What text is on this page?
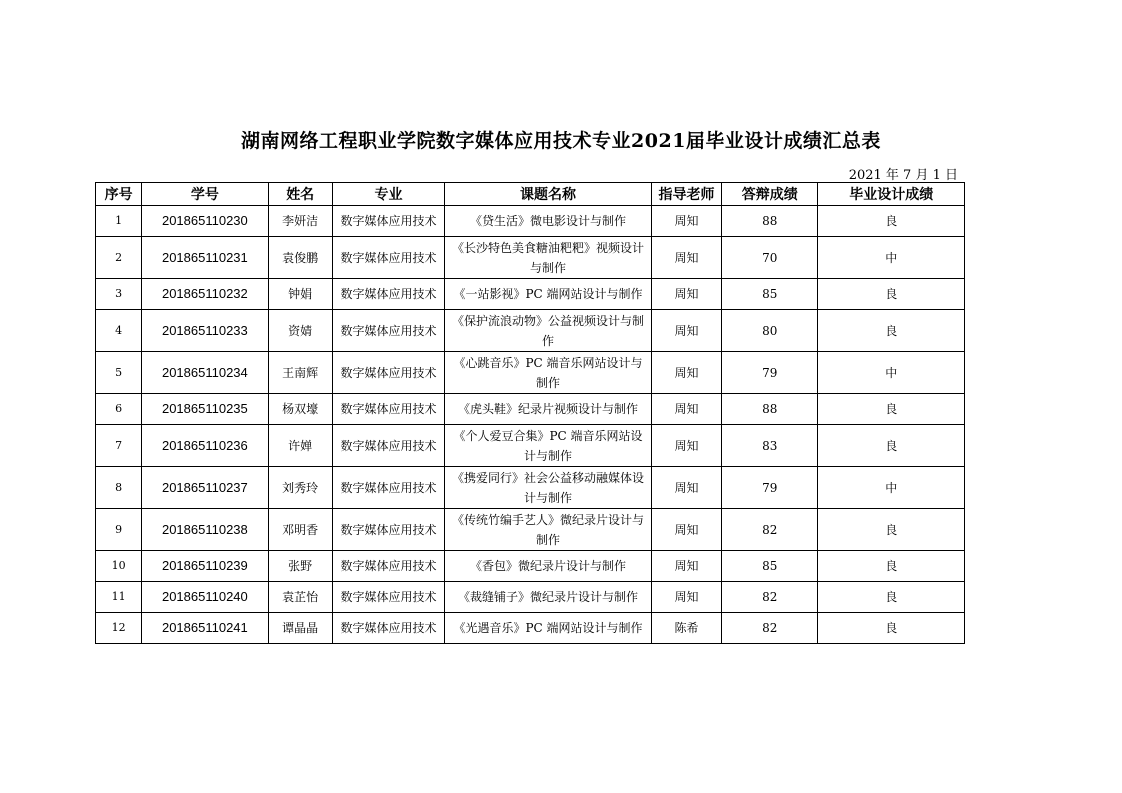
湖南网络工程职业学院数字媒体应用技术专业2021届毕业设计成绩汇总表
2021 年 7 月 1 日
序号	学号	姓名	专业	课题名称	指导老师	答辩成绩	毕业设计成绩
1	201865110230	李妍洁	数字媒体应用技术	《贷生活》微电影设计与制作	周知	88	良
2	201865110231	袁俊鹏	数字媒体应用技术	《长沙特色美食糖油粑粑》视频设计与制作	周知	70	中
3	201865110232	钟娟	数字媒体应用技术	《一站影视》PC 端网站设计与制作	周知	85	良
4	201865110233	资婧	数字媒体应用技术	《保护流浪动物》公益视频设计与制作	周知	80	良
5	201865110234	王南辉	数字媒体应用技术	《心跳音乐》PC 端音乐网站设计与制作	周知	79	中
6	201865110235	杨双壕	数字媒体应用技术	《虎头鞋》纪录片视频设计与制作	周知	88	良
7	201865110236	许婵	数字媒体应用技术	《个人爱豆合集》PC 端音乐网站设计与制作	周知	83	良
8	201865110237	刘秀玲	数字媒体应用技术	《携爱同行》社会公益移动融媒体设计与制作	周知	79	中
9	201865110238	邓明香	数字媒体应用技术	《传统竹编手艺人》微纪录片设计与制作	周知	82	良
10	201865110239	张野	数字媒体应用技术	《香包》微纪录片设计与制作	周知	85	良
11	201865110240	袁芷怡	数字媒体应用技术	《裁缝铺子》微纪录片设计与制作	周知	82	良
12	201865110241	谭晶晶	数字媒体应用技术	《光遇音乐》PC 端网站设计与制作	陈希	82	良
